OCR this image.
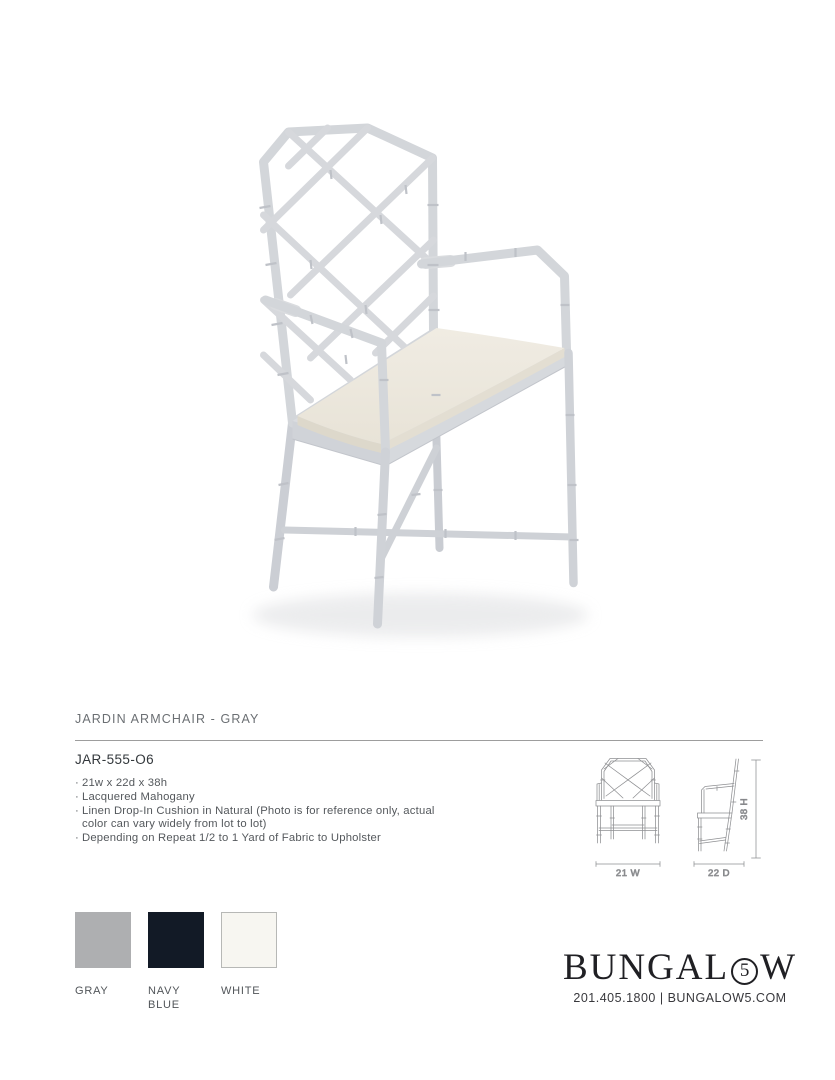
JARDIN ARMCHAIR - GRAY
JAR-555-O6
· 21w x 22d x 38h
· Lacquered Mahogany
· Linen Drop-In Cushion in Natural (Photo is for reference only, actual color can vary widely from lot to lot)
· Depending on Repeat 1/2 to 1 Yard of Fabric to Upholster
21 W	22 D
38 H
GRAY	NAVY BLUE
WHITE
BUNGAL 5 W
201.405.1800 | BUNGALOW5.COM
